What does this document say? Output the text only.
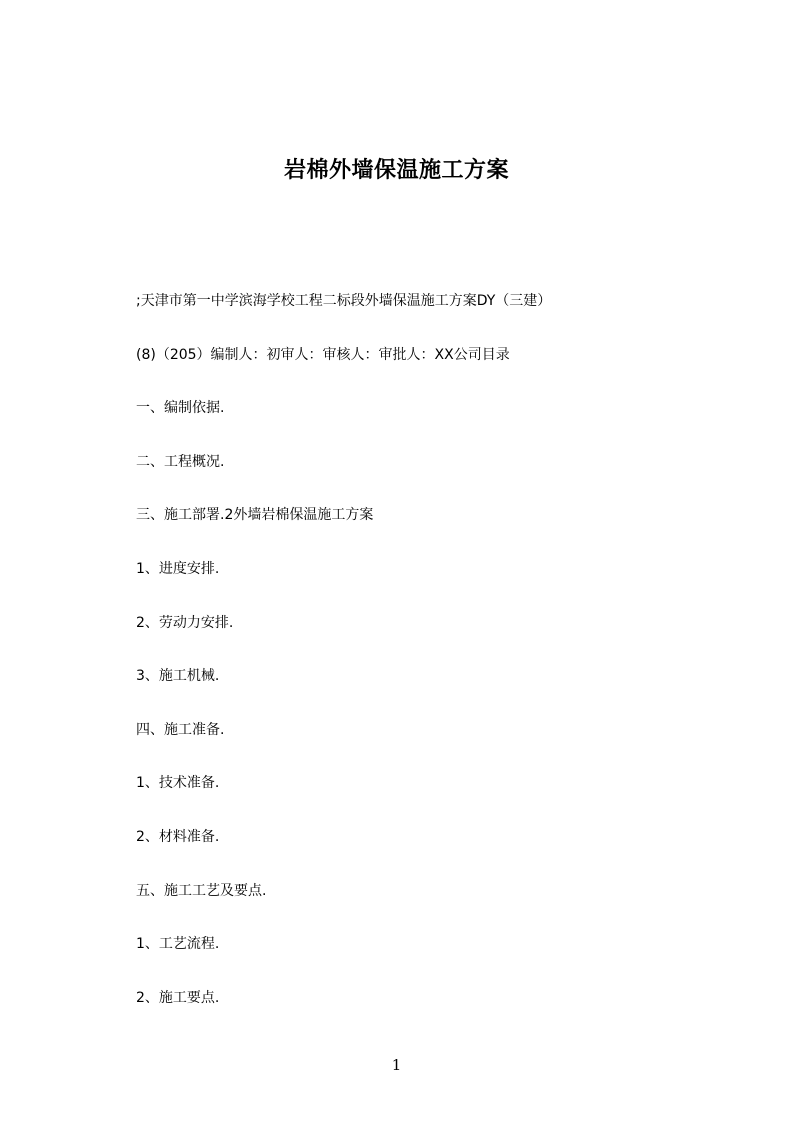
岩棉外墙保温施工方案
;天津市第一中学滨海学校工程二标段外墙保温施工方案DY（三建）
(8)（205）编制人：初审人：审核人：审批人：XX公司目录
一、编制依据.
二、工程概况.
三、施工部署.2外墙岩棉保温施工方案
1、进度安排.
2、劳动力安排.
3、施工机械.
四、施工准备.
1、技术准备.
2、材料准备.
五、施工工艺及要点.
1、工艺流程.
2、施工要点.
1
